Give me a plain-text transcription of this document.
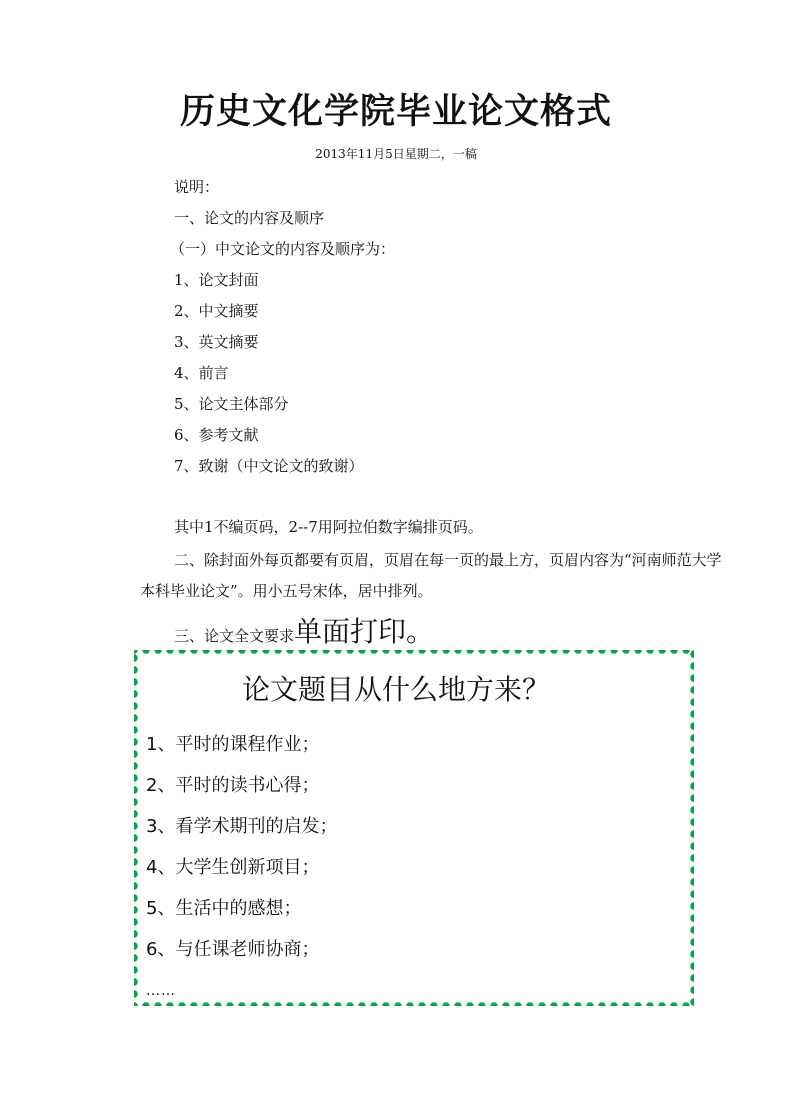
历史文化学院毕业论文格式

2013年11月5日星期二，一稿

说明：

一、论文的内容及顺序

（一）中文论文的内容及顺序为：

1、论文封面

2、中文摘要

3、英文摘要

4、前言

5、论文主体部分

6、参考文献

7、致谢（中文论文的致谢）

其中1不编页码，2--7用阿拉伯数字编排页码。

二、除封面外每页都要有页眉，页眉在每一页的最上方，页眉内容为“河南师范大学本科毕业论文”。用小五号宋体，居中排列。

三、论文全文要求单面打印。

论文题目从什么地方来？

1、平时的课程作业；
2、平时的读书心得；
3、看学术期刊的启发；
4、大学生创新项目；
5、生活中的感想；
6、与任课老师协商；
……
